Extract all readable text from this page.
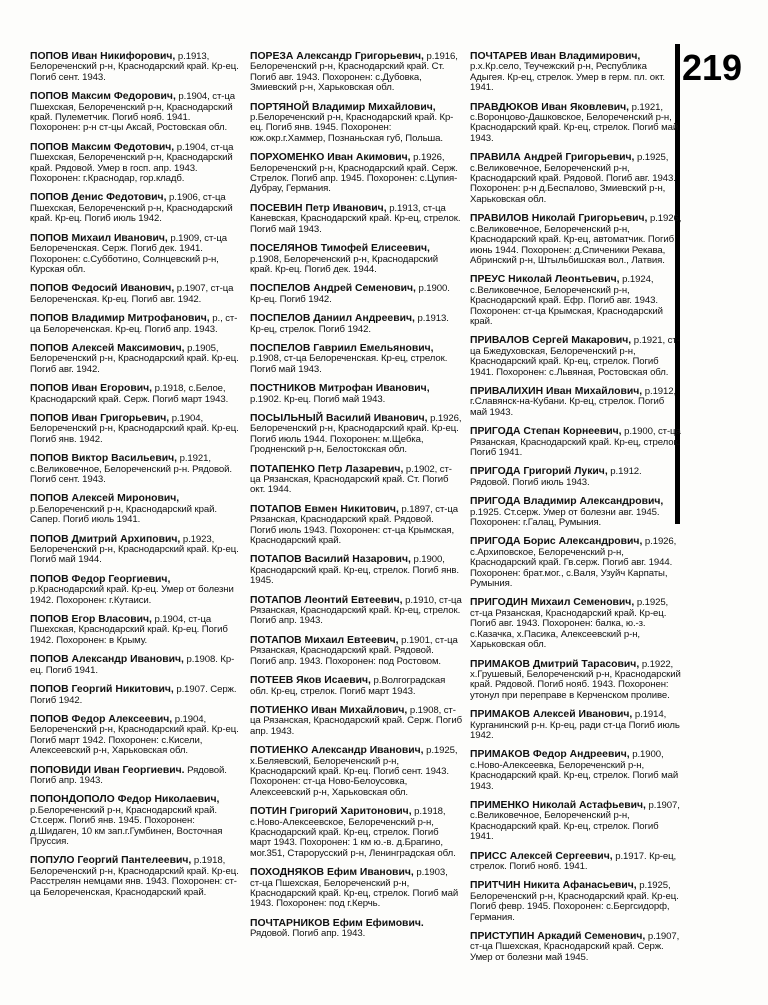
219

ПОПОВ Иван Никифорович, р.1913, Белореченский р-н, Краснодарский край. Кр-ец. Погиб сент. 1943.

ПОПОВ Максим Федорович, р.1904, ст-ца Пшехская, Белореченский р-н, Краснодарский край. Пулеметчик. Погиб нояб. 1941. Похоронен: р-н ст-цы Аксай, Ростовская обл.

ПОПОВ Максим Федотович, р.1904, ст-ца Пшехская, Белореченский р-н, Краснодарский край. Рядовой. Умер в госп. апр. 1943. Похоронен: г.Краснодар, гор.кладб.

ПОПОВ Денис Федотович, р.1906, ст-ца Пшехская, Белореченский р-н, Краснодарский край. Кр-ец. Погиб июль 1942.

ПОПОВ Михаил Иванович, р.1909, ст-ца Белореченская. Серж. Погиб дек. 1941. Похоронен: с.Субботино, Солнцевский р-н, Курская обл.

ПОПОВ Федосий Иванович, р.1907, ст-ца Белореченская. Кр-ец. Погиб авг. 1942.

ПОПОВ Владимир Митрофанович, р., ст-ца Белореченская. Кр-ец. Погиб апр. 1943.

ПОПОВ Алексей Максимович, р.1905, Белореченский р-н, Краснодарский край. Кр-ец. Погиб авг. 1942.

ПОПОВ Иван Егорович, р.1918, с.Белое, Краснодарский край. Серж. Погиб март 1943.

ПОПОВ Иван Григорьевич, р.1904, Белореченский р-н, Краснодарский край. Кр-ец. Погиб янв. 1942.

ПОПОВ Виктор Васильевич, р.1921, с.Великовечное, Белореченский р-н. Рядовой. Погиб сент. 1943.

ПОПОВ Алексей Миронович, р.Белореченский р-н, Краснодарский край. Сапер. Погиб июль 1941.

ПОПОВ Дмитрий Архипович, р.1923, Белореченский р-н, Краснодарский край. Кр-ец. Погиб май 1944.

ПОПОВ Федор Георгиевич, р.Краснодарский край. Кр-ец. Умер от болезни 1942. Похоронен: г.Кутаиси.

ПОПОВ Егор Власович, р.1904, ст-ца Пшехская, Краснодарский край. Кр-ец. Погиб 1942. Похоронен: в Крыму.

ПОПОВ Александр Иванович, р.1908. Кр-ец. Погиб 1941.

ПОПОВ Георгий Никитович, р.1907. Серж. Погиб 1942.

ПОПОВ Федор Алексеевич, р.1904, Белореченский р-н, Краснодарский край. Кр-ец. Погиб март 1942. Похоронен: с.Кисели, Алексеевский р-н, Харьковская обл.

ПОПОВИДИ Иван Георгиевич. Рядовой. Погиб апр. 1943.

ПОПОНДОПОЛО Федор Николаевич, р.Белореченский р-н, Краснодарский край. Ст.серж. Погиб янв. 1945. Похоронен: д.Шидаген, 10 км зап.г.Гумбинен, Восточная Пруссия.

ПОПУЛО Георгий Пантелеевич, р.1918, Белореченский р-н, Краснодарский край. Кр-ец. Расстрелян немцами янв. 1943. Похоронен: ст-ца Белореченская, Краснодарский край.

ПОРЕЗА Александр Григорьевич, р.1916, Белореченский р-н, Краснодарский край. Ст. Погиб авг. 1943. Похоронен: с.Дубовка, Змиевский р-н, Харьковская обл.

ПОРТЯНОЙ Владимир Михайлович, р.Белореченский р-н, Краснодарский край. Кр-ец. Погиб янв. 1945. Похоронен: юж.окр.г.Хаммер, Познаньская губ, Польша.

ПОРХОМЕНКО Иван Акимович, р.1926, Белореченский р-н, Краснодарский край. Серж. Стрелок. Погиб апр. 1945. Похоронен: с.Цупия-Дубрау, Германия.

ПОСЕВИН Петр Иванович, р.1913, ст-ца Каневская, Краснодарский край. Кр-ец, стрелок. Погиб май 1943.

ПОСЕЛЯНОВ Тимофей Елисеевич, р.1908, Белореченский р-н, Краснодарский край. Кр-ец. Погиб дек. 1944.

ПОСПЕЛОВ Андрей Семенович, р.1900. Кр-ец. Погиб 1942.

ПОСПЕЛОВ Даниил Андреевич, р.1913. Кр-ец, стрелок. Погиб 1942.

ПОСПЕЛОВ Гавриил Емельянович, р.1908, ст-ца Белореченская. Кр-ец, стрелок. Погиб май 1943.

ПОСТНИКОВ Митрофан Иванович, р.1902. Кр-ец. Погиб май 1943.

ПОСЫЛЬНЫЙ Василий Иванович, р.1926, Белореченский р-н, Краснодарский край. Кр-ец. Погиб июль 1944. Похоронен: м.Щебка, Гродненский р-н, Белостокская обл.

ПОТАПЕНКО Петр Лазаревич, р.1902, ст-ца Рязанская, Краснодарский край. Ст. Погиб окт. 1944.

ПОТАПОВ Евмен Никитович, р.1897, ст-ца Рязанская, Краснодарский край. Рядовой. Погиб июль 1943. Похоронен: ст-ца Крымская, Краснодарский край.

ПОТАПОВ Василий Назарович, р.1900, Краснодарский край. Кр-ец, стрелок. Погиб янв. 1945.

ПОТАПОВ Леонтий Евтеевич, р.1910, ст-ца Рязанская, Краснодарский край. Кр-ец, стрелок. Погиб апр. 1943.

ПОТАПОВ Михаил Евтеевич, р.1901, ст-ца Рязанская, Краснодарский край. Рядовой. Погиб апр. 1943. Похоронен: под Ростовом.

ПОТЕЕВ Яков Исаевич, р.Волгоградская обл. Кр-ец, стрелок. Погиб март 1943.

ПОТИЕНКО Иван Михайлович, р.1908, ст-ца Рязанская, Краснодарский край. Серж. Погиб апр. 1943.

ПОТИЕНКО Александр Иванович, р.1925, х.Беляевский, Белореченский р-н, Краснодарский край. Кр-ец. Погиб сент. 1943. Похоронен: ст-ца Ново-Белоусовка, Алексеевский р-н, Харьковская обл.

ПОТИН Григорий Харитонович, р.1918, с.Ново-Алексеевское, Белореченский р-н, Краснодарский край. Кр-ец, стрелок. Погиб март 1943. Похоронен: 1 км ю.-в. д.Брагино, мог.351, Старорусский р-н, Ленинградская обл.

ПОХОДНЯКОВ Ефим Иванович, р.1903, ст-ца Пшехская, Белореченский р-н, Краснодарский край. Кр-ец, стрелок. Погиб май 1943. Похоронен: под г.Керчь.

ПОЧТАРНИКОВ Ефим Ефимович. Рядовой. Погиб апр. 1943.

ПОЧТАРЕВ Иван Владимирович, р.х.Кр.село, Теучежский р-н, Республика Адыгея. Кр-ец, стрелок. Умер в герм. пл. окт. 1941.

ПРАВДЮКОВ Иван Яковлевич, р.1921, с.Воронцово-Дашковское, Белореченский р-н, Краснодарский край. Кр-ец, стрелок. Погиб май 1943.

ПРАВИЛА Андрей Григорьевич, р.1925, с.Великовечное, Белореченский р-н, Краснодарский край. Рядовой. Погиб авг. 1943. Похоронен: р-н д.Беспалово, Змиевский р-н, Харьковская обл.

ПРАВИЛОВ Николай Григорьевич, р.1926, с.Великовечное, Белореченский р-н, Краснодарский край. Кр-ец, автоматчик. Погиб июнь 1944. Похоронен: д.Спиченики Рекава, Абринский р-н, Штыльбишская вол., Латвия.

ПРЕУС Николай Леонтьевич, р.1924, с.Великовечное, Белореченский р-н, Краснодарский край. Ефр. Погиб авг. 1943. Похоронен: ст-ца Крымская, Краснодарский край.

ПРИВАЛОВ Сергей Макарович, р.1921, ст-ца Бжедуховская, Белореченский р-н, Краснодарский край. Кр-ец, стрелок. Погиб 1941. Похоронен: с.Львяная, Ростовская обл.

ПРИВАЛИХИН Иван Михайлович, р.1912, г.Славянск-на-Кубани. Кр-ец, стрелок. Погиб май 1943.

ПРИГОДА Степан Корнеевич, р.1900, ст-ца Рязанская, Краснодарский край. Кр-ец, стрелок. Погиб 1941.

ПРИГОДА Григорий Лукич, р.1912. Рядовой. Погиб июль 1943.

ПРИГОДА Владимир Александрович, р.1925. Ст.серж. Умер от болезни авг. 1945. Похоронен: г.Галац, Румыния.

ПРИГОДА Борис Александрович, р.1926, с.Архиповское, Белореченский р-н, Краснодарский край. Гв.серж. Погиб авг. 1944. Похоронен: брат.мог., с.Валя, Узуйч Карпаты, Румыния.

ПРИГОДИН Михаил Семенович, р.1925, ст-ца Рязанская, Краснодарский край. Кр-ец. Погиб авг. 1943. Похоронен: балка, ю.-з. с.Казачка, х.Пасика, Алексеевский р-н, Харьковская обл.

ПРИМАКОВ Дмитрий Тарасович, р.1922, х.Грушевый, Белореченский р-н, Краснодарский край. Рядовой. Погиб нояб. 1943. Похоронен: утонул при переправе в Керченском проливе.

ПРИМАКОВ Алексей Иванович, р.1914, Курганинский р-н. Кр-ец, ради ст-ца Погиб июль 1942.

ПРИМАКОВ Федор Андреевич, р.1900, с.Ново-Алексеевка, Белореченский р-н, Краснодарский край. Кр-ец, стрелок. Погиб май 1943.

ПРИМЕНКО Николай Астафьевич, р.1907, с.Великовечное, Белореченский р-н, Краснодарский край. Кр-ец, стрелок. Погиб 1941.

ПРИСС Алексей Сергеевич, р.1917. Кр-ец, стрелок. Погиб нояб. 1941.

ПРИТЧИН Никита Афанасьевич, р.1925, Белореченский р-н, Краснодарский край. Кр-ец. Погиб февр. 1945. Похоронен: с.Бергсидорф, Германия.

ПРИСТУПИН Аркадий Семенович, р.1907, ст-ца Пшехская, Краснодарский край. Серж. Умер от болезни май 1945.
